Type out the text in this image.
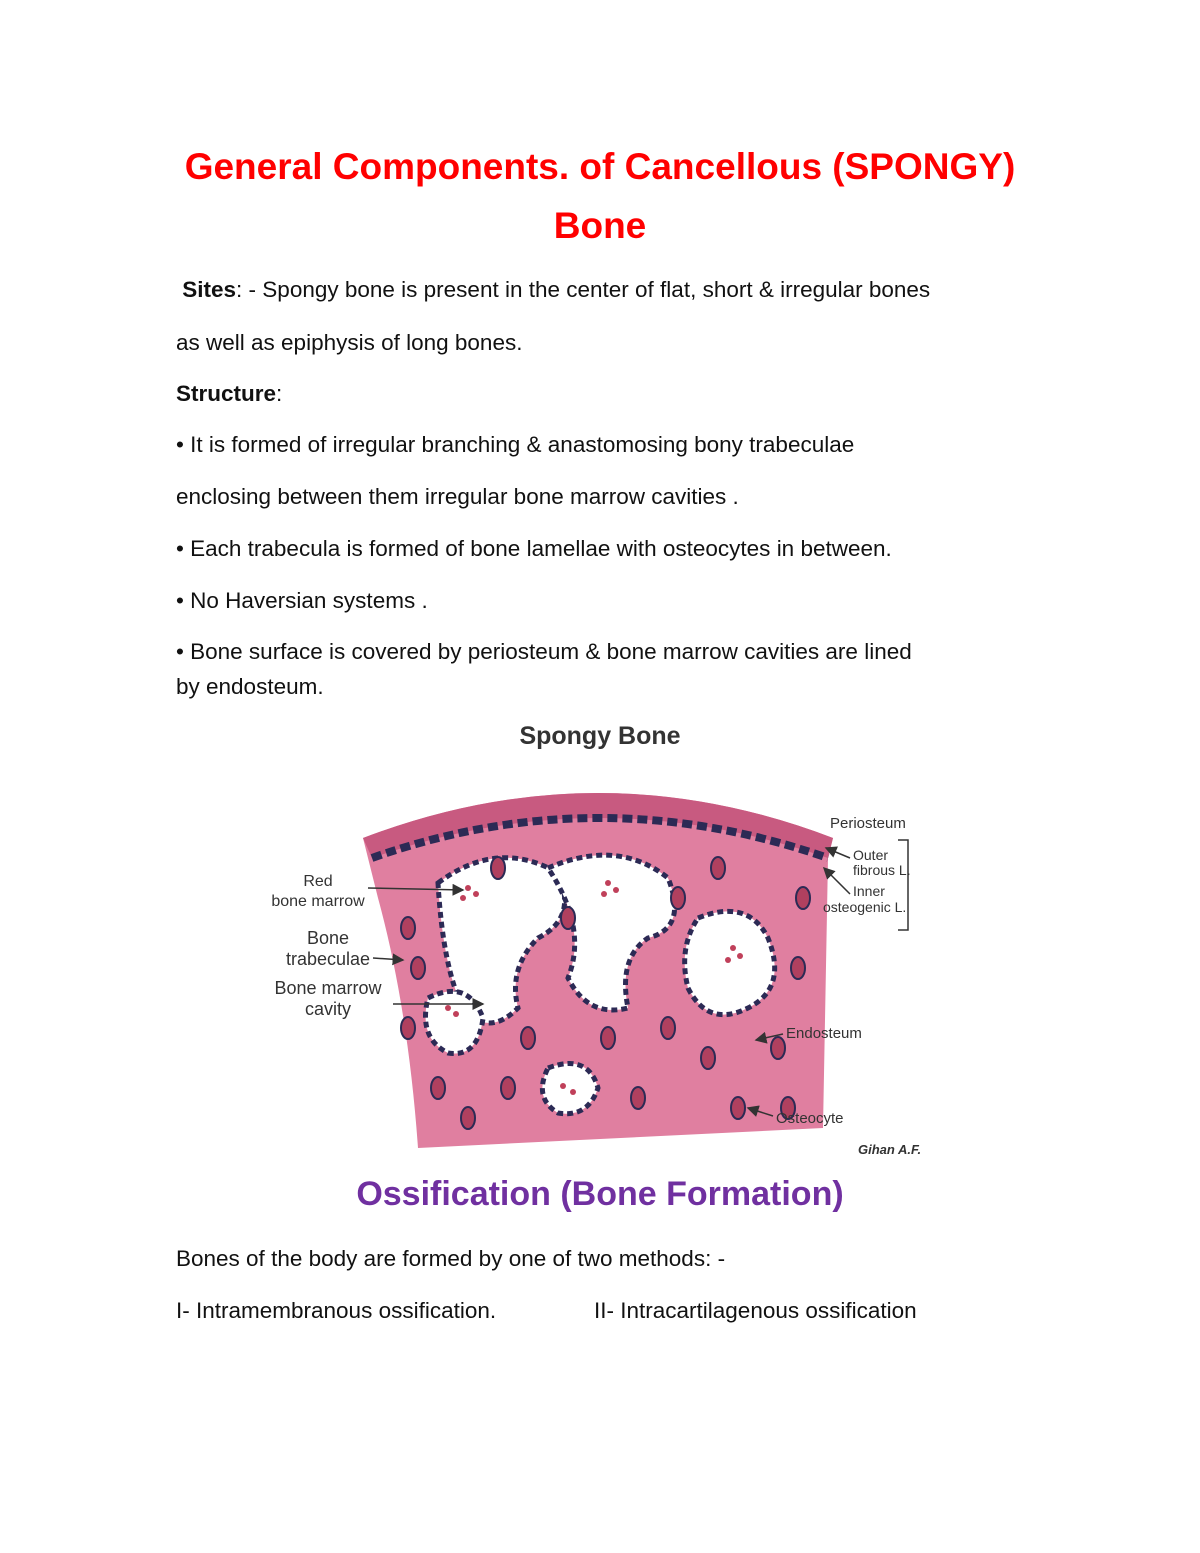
General Components. of Cancellous (SPONGY)
Bone

Sites: - Spongy bone is present in the center of flat, short & irregular bones

as well as epiphysis of long bones.

Structure:

• It is formed of irregular branching & anastomosing bony trabeculae

enclosing between them irregular bone marrow cavities .

• Each trabecula is formed of bone lamellae with osteocytes in between.

• No Haversian systems .

• Bone surface is covered by periosteum & bone marrow cavities are lined

by endosteum.

Spongy Bone
Red
bone marrow
Bone
trabeculae
Bone marrow
cavity
Periosteum
Outer
fibrous L.
Inner
osteogenic L.
Endosteum
Osteocyte
Gihan A.F.
Ossification (Bone Formation)

Bones of the body are formed by one of two methods: -

I- Intramembranous ossification.	II- Intracartilagenous ossification
